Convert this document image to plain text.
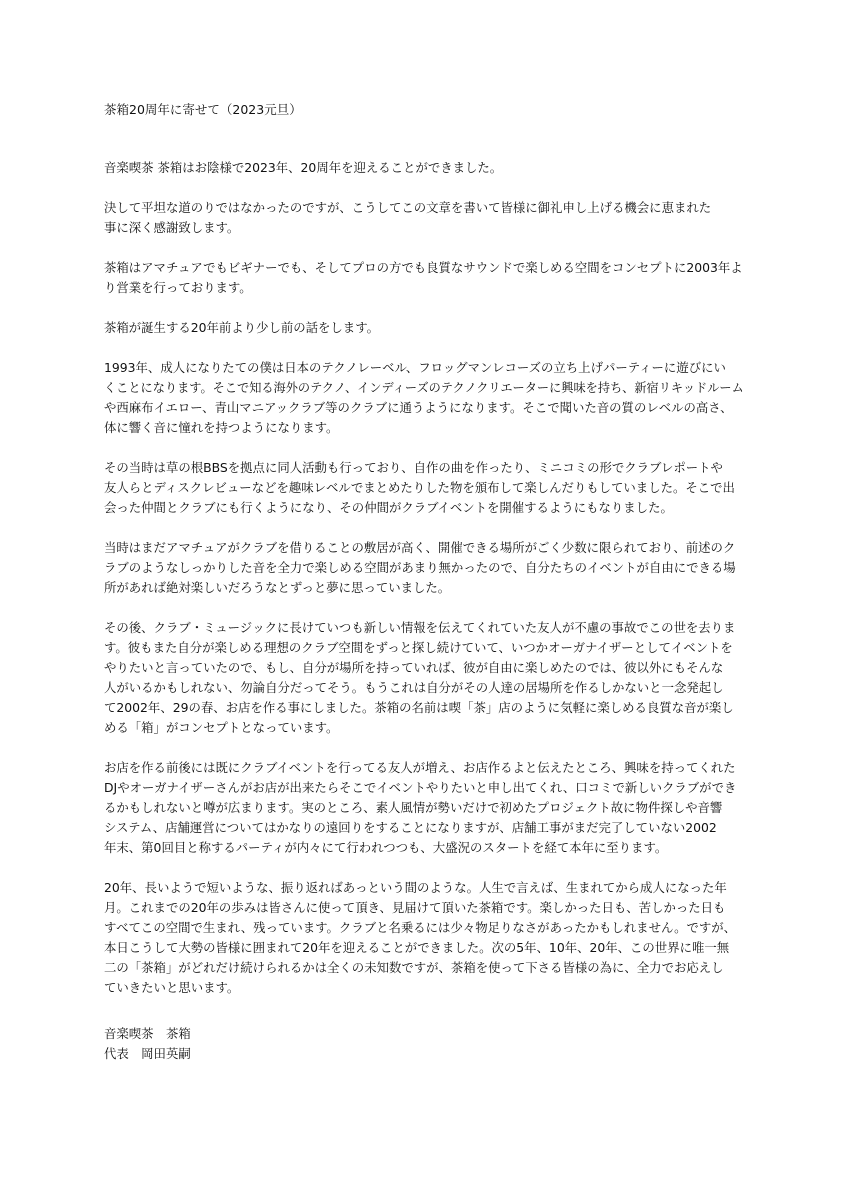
茶箱20周年に寄せて（2023元旦）
音楽喫茶 茶箱はお陰様で2023年、20周年を迎えることができました。
決して平坦な道のりではなかったのですが、こうしてこの文章を書いて皆様に御礼申し上げる機会に恵まれた
事に深く感謝致します。
茶箱はアマチュアでもビギナーでも、そしてプロの方でも良質なサウンドで楽しめる空間をコンセプトに2003年よ
り営業を行っております。
茶箱が誕生する20年前より少し前の話をします。
1993年、成人になりたての僕は日本のテクノレーベル、フロッグマンレコーズの立ち上げパーティーに遊びにい
くことになります。そこで知る海外のテクノ、インディーズのテクノクリエーターに興味を持ち、新宿リキッドルーム
や西麻布イエロー、青山マニアックラブ等のクラブに通うようになります。そこで聞いた音の質のレベルの高さ、
体に響く音に憧れを持つようになります。
その当時は草の根BBSを拠点に同人活動も行っており、自作の曲を作ったり、ミニコミの形でクラブレポートや
友人らとディスクレビューなどを趣味レベルでまとめたりした物を頒布して楽しんだりもしていました。そこで出
会った仲間とクラブにも行くようになり、その仲間がクラブイベントを開催するようにもなりました。
当時はまだアマチュアがクラブを借りることの敷居が高く、開催できる場所がごく少数に限られており、前述のク
ラブのようなしっかりした音を全力で楽しめる空間があまり無かったので、自分たちのイベントが自由にできる場
所があれば絶対楽しいだろうなとずっと夢に思っていました。
その後、クラブ・ミュージックに長けていつも新しい情報を伝えてくれていた友人が不慮の事故でこの世を去りま
す。彼もまた自分が楽しめる理想のクラブ空間をずっと探し続けていて、いつかオーガナイザーとしてイベントを
やりたいと言っていたので、もし、自分が場所を持っていれば、彼が自由に楽しめたのでは、彼以外にもそんな
人がいるかもしれない、勿論自分だってそう。もうこれは自分がその人達の居場所を作るしかないと一念発起し
て2002年、29の春、お店を作る事にしました。茶箱の名前は喫「茶」店のように気軽に楽しめる良質な音が楽し
める「箱」がコンセプトとなっています。
お店を作る前後には既にクラブイベントを行ってる友人が増え、お店作るよと伝えたところ、興味を持ってくれた
DJやオーガナイザーさんがお店が出来たらそこでイベントやりたいと申し出てくれ、口コミで新しいクラブができ
るかもしれないと噂が広まります。実のところ、素人風情が勢いだけで初めたプロジェクト故に物件探しや音響
システム、店舗運営についてはかなりの遠回りをすることになりますが、店舗工事がまだ完了していない2002
年末、第0回目と称するパーティが内々にて行われつつも、大盛況のスタートを経て本年に至ります。
20年、長いようで短いような、振り返ればあっという間のような。人生で言えば、生まれてから成人になった年
月。これまでの20年の歩みは皆さんに使って頂き、見届けて頂いた茶箱です。楽しかった日も、苦しかった日も
すべてこの空間で生まれ、残っています。クラブと名乗るには少々物足りなさがあったかもしれません。ですが、
本日こうして大勢の皆様に囲まれて20年を迎えることができました。次の5年、10年、20年、この世界に唯一無
二の「茶箱」がどれだけ続けられるかは全くの未知数ですが、茶箱を使って下さる皆様の為に、全力でお応えし
ていきたいと思います。
音楽喫茶　茶箱
代表　岡田英嗣
